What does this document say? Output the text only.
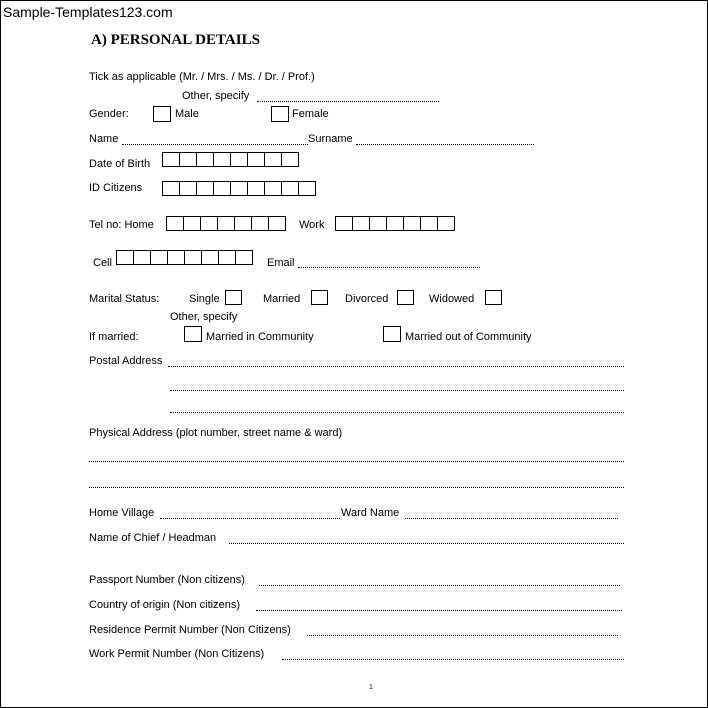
Sample-Templates123.com
A) PERSONAL DETAILS
Tick as applicable (Mr. / Mrs. / Ms. / Dr. / Prof.)
Other, specify
Gender:	Male	Female
Name	Surname
Date of Birth
ID Citizens
Tel no: Home	Work
Cell	Email
Marital Status:	Single	Married	Divorced	Widowed
Other, specify
If married:	Married in Community	Married out of Community
Postal Address
Physical Address (plot number, street name & ward)
Home Village	Ward Name
Name of Chief / Headman
Passport Number (Non citizens)
Country of origin (Non citizens)
Residence Permit Number (Non Citizens)
Work Permit Number (Non Citizens)
1
